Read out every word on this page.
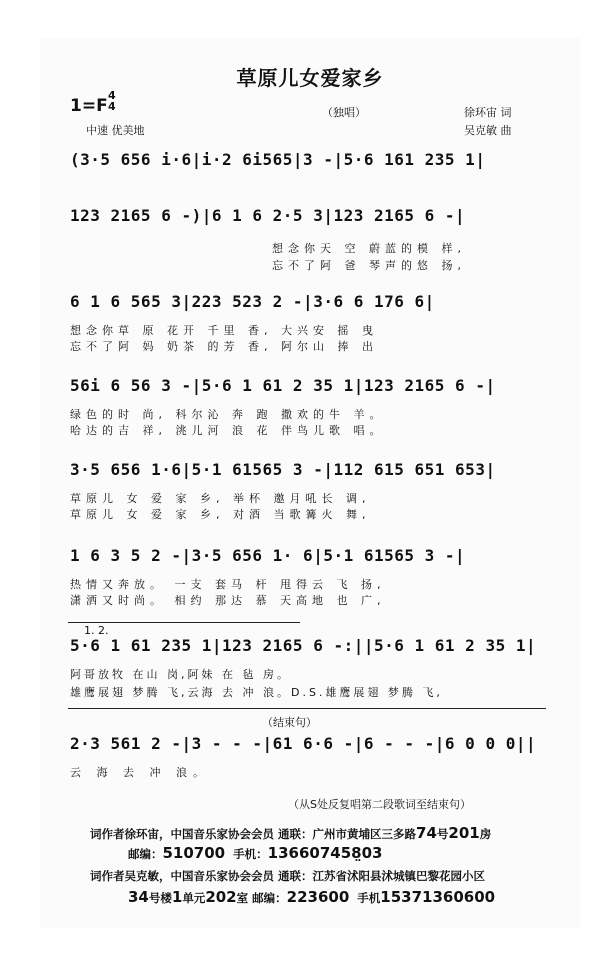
草原儿女爱家乡
1=F
4
4	（独唱）	徐环宙 词
中速 优美地	吴克敏 曲
(3·5 656 i·6|i·2 6i565|3 -|5·6 161 235 1|
123 2165 6 -)|6 1 6 2·5 3|123 2165 6 -|
想念你天 空 蔚蓝的模 样,
忘不了阿 爸 琴声的悠 扬,
6 1 6 565 3|223 523 2 -|3·6 6 176 6|
想念你草 原 花开 千里 香, 大兴安 摇 曳
忘不了阿 妈 奶茶 的芳 香, 阿尔山 捧 出
56i 6 56 3 -|5·6 1 61 2 35 1|123 2165 6 -|
绿色的时 尚, 科尔沁 奔 跑 撒欢的牛 羊。
哈达的吉 祥, 洮儿河 浪 花 伴鸟儿歌 唱。
3·5 656 1·6|5·1 61565 3 -|112 615 651 653|
草原儿 女 爱 家 乡, 举杯 邀月吼长 调,
草原儿 女 爱 家 乡, 对酒 当歌篝火 舞,
1 6 3 5 2 -|3·5 656 1· 6|5·1 61565 3 -|
热情又奔放。 一支 套马 杆 甩得云 飞 扬,
潇洒又时尚。 相约 那达 慕 天高地 也 广,
1. 2.
5·6 1 61 235 1|123 2165 6 -:||5·6 1 61 2 35 1|
阿哥放牧 在山 岗,阿妹 在 毡 房。
雄鹰展翅 梦腾 飞,云海 去 冲 浪。D.S.雄鹰展翅 梦腾 飞,
（结束句）
2·3 561 2 -|3 - - -|61 6·6 -|6 - - -|6 0 0 0||
云 海 去 冲 浪。
（从S处反复唱第二段歌词至结束句）
词作者徐环宙，中国音乐家协会会员 通联：广州市黄埔区三多路74号201房
邮编：510700 手机：136607458̤03
词作者吴克敏，中国音乐家协会会员 通联：江苏省沭阳县沭城镇巴黎花园小区
34号楼1单元202室 邮编：223600 手机15371360600
